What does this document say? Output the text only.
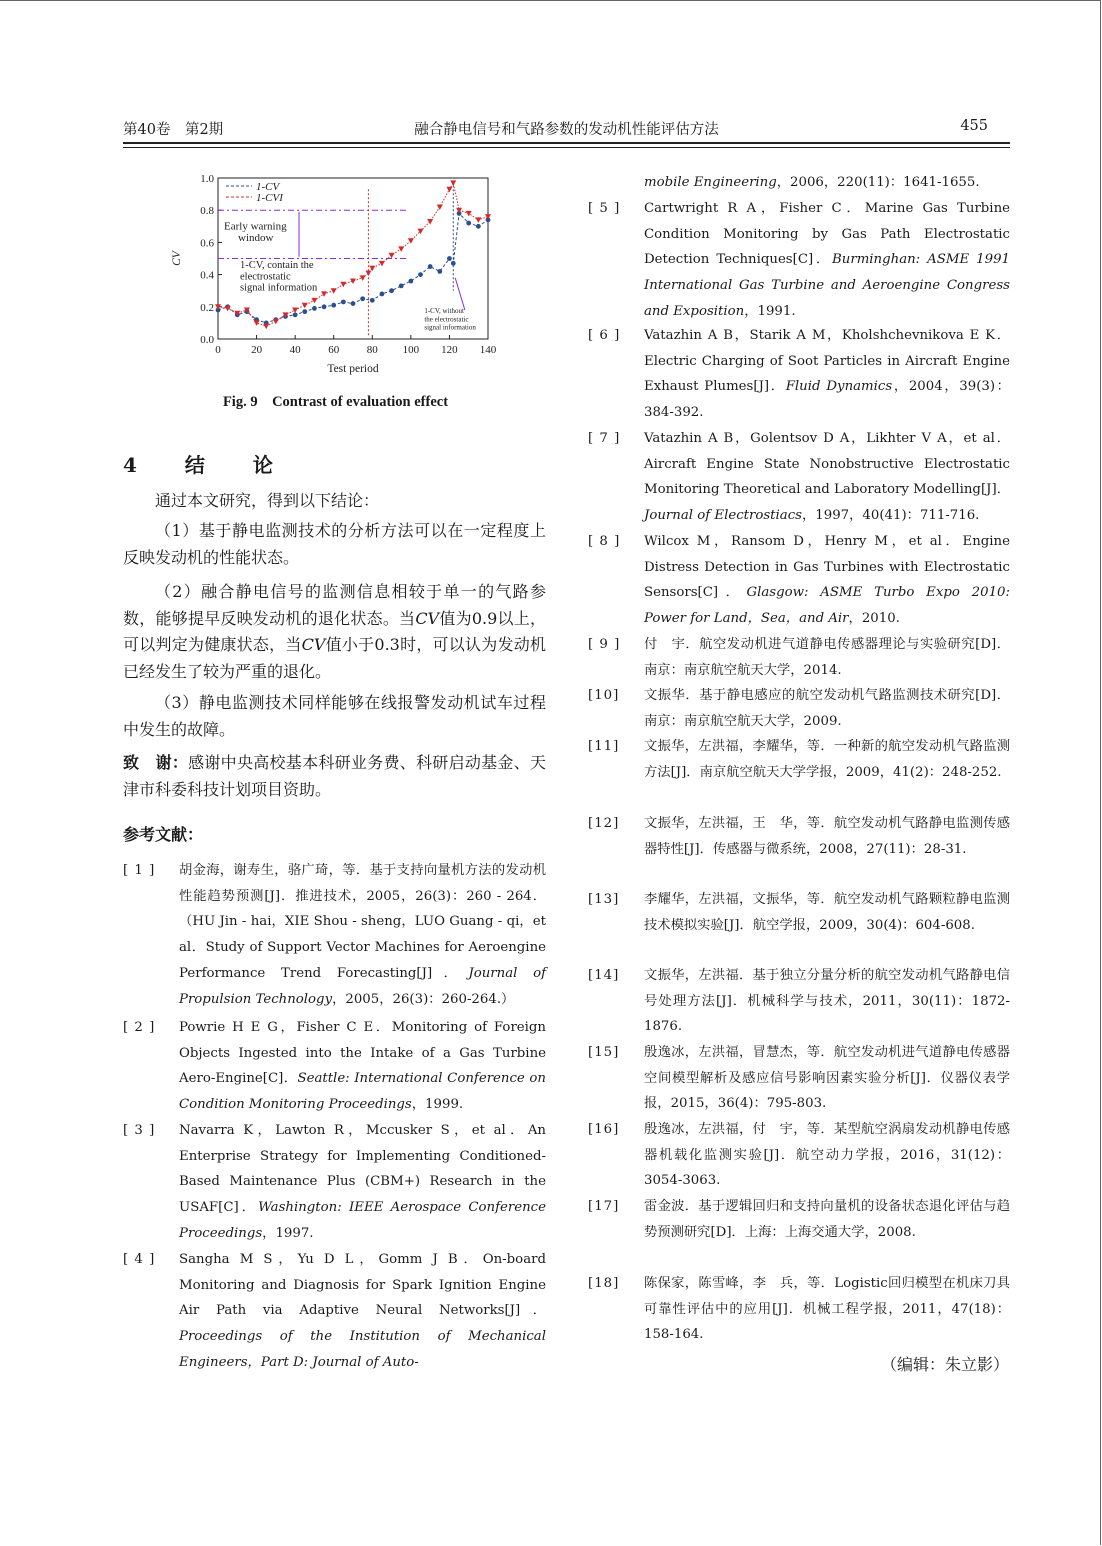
第40卷　第2期	融合静电信号和气路参数的发动机性能评估方法	455
0	20	40	60	80 100 120 140
0.0
0.2
0.4
0.6
0.8
1.0
Test period
CV
1-CV
1-CVI
Early warning
window
1-CV, contain the
electrostatic
signal information
1-CV, without
the electrostatic
signal information
Fig. 9　Contrast of evaluation effect
4　结　论
通过本文研究，得到以下结论：
（1）基于静电监测技术的分析方法可以在一定程度上反映发动机的性能状态。
（2）融合静电信号的监测信息相较于单一的气路参数，能够提早反映发动机的退化状态。当CV值为0.9以上，可以判定为健康状态，当CV值小于0.3时，可以认为发动机已经发生了较为严重的退化。
（3）静电监测技术同样能够在线报警发动机试车过程中发生的故障。
致　谢：感谢中央高校基本科研业务费、科研启动基金、天津市科委科技计划项目资助。
参考文献：
[ 1 ]	胡金海，谢寿生，骆广琦，等．基于支持向量机方法的发动机性能趋势预测[J]．推进技术，2005，26(3)：260 - 264．（HU Jin - hai，XIE Shou - sheng，LUO Guang - qi，et al．Study of Support Vector Machines for Aeroengine Performance Trend Forecasting[J]．Journal of Propulsion Technology，2005，26(3)：260-264.）
[ 2 ]	Powrie H E G，Fisher C E．Monitoring of Foreign Objects Ingested into the Intake of a Gas Turbine Aero-Engine[C]．Seattle: International Conference on Condition Monitoring Proceedings，1999.
[ 3 ]	Navarra K，Lawton R，Mccusker S，et al．An Enterprise Strategy for Implementing Conditioned-Based Maintenance Plus (CBM+) Research in the USAF[C]．Washington: IEEE Aerospace Conference Proceedings，1997.
[ 4 ]	Sangha M S，Yu D L，Gomm J B．On-board Monitoring and Diagnosis for Spark Ignition Engine Air Path via Adaptive Neural Networks[J]．Proceedings of the Institution of Mechanical Engineers，Part D: Journal of Auto-
mobile Engineering，2006，220(11)：1641-1655.
[ 5 ]	Cartwright R A，Fisher C．Marine Gas Turbine Condition Monitoring by Gas Path Electrostatic Detection Techniques[C]．Burminghan: ASME 1991 International Gas Turbine and Aeroengine Congress and Exposition，1991.
[ 6 ]	Vatazhin A B，Starik A M，Kholshchevnikova E K．Electric Charging of Soot Particles in Aircraft Engine Exhaust Plumes[J]．Fluid Dynamics，2004，39(3)：384-392.
[ 7 ]	Vatazhin A B，Golentsov D A，Likhter V A，et al．Aircraft Engine State Nonobstructive Electrostatic Monitoring Theoretical and Laboratory Modelling[J]．Journal of Electrostiacs，1997，40(41)：711-716.
[ 8 ]	Wilcox M，Ransom D，Henry M，et al．Engine Distress Detection in Gas Turbines with Electrostatic Sensors[C]．Glasgow: ASME Turbo Expo 2010: Power for Land，Sea，and Air，2010.
[ 9 ]	付　宇．航空发动机进气道静电传感器理论与实验研究[D]．南京：南京航空航天大学，2014.
[10]	文振华．基于静电感应的航空发动机气路监测技术研究[D]．南京：南京航空航天大学，2009.
[11]	文振华，左洪福，李耀华，等．一种新的航空发动机气路监测方法[J]．南京航空航天大学学报，2009，41(2)：248-252.
[12]	文振华，左洪福，王　华，等．航空发动机气路静电监测传感器特性[J]．传感器与微系统，2008，27(11)：28-31.
[13]	李耀华，左洪福，文振华，等．航空发动机气路颗粒静电监测技术模拟实验[J]．航空学报，2009，30(4)：604-608.
[14]	文振华，左洪福．基于独立分量分析的航空发动机气路静电信号处理方法[J]．机械科学与技术，2011，30(11)：1872-1876.
[15]	殷逸冰，左洪福，冒慧杰，等．航空发动机进气道静电传感器空间模型解析及感应信号影响因素实验分析[J]．仪器仪表学报，2015，36(4)：795-803.
[16]	殷逸冰，左洪福，付　宇，等．某型航空涡扇发动机静电传感器机载化监测实验[J]．航空动力学报，2016，31(12)：3054-3063.
[17]	雷金波．基于逻辑回归和支持向量机的设备状态退化评估与趋势预测研究[D]．上海：上海交通大学，2008.
[18]	陈保家，陈雪峰，李　兵，等．Logistic回归模型在机床刀具可靠性评估中的应用[J]．机械工程学报，2011，47(18)：158-164.
（编辑：朱立影）
